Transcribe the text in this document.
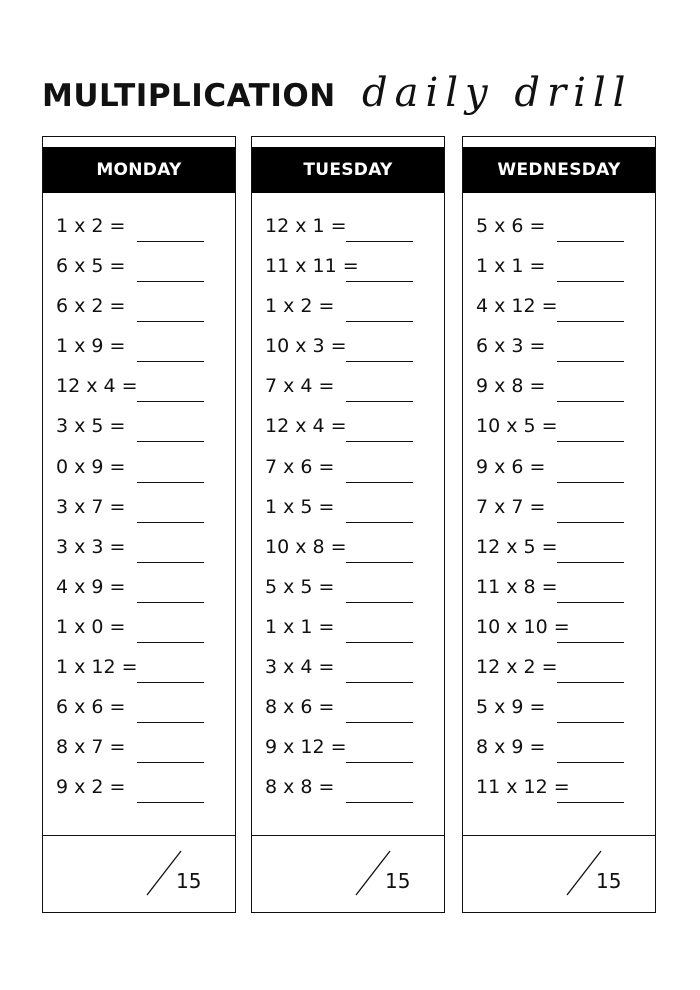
MULTIPLICATION daily drill
MONDAY
1 x 2 =
6 x 5 =
6 x 2 =
1 x 9 =
12 x 4 =
3 x 5 =
0 x 9 =
3 x 7 =
3 x 3 =
4 x 9 =
1 x 0 =
1 x 12 =
6 x 6 =
8 x 7 =
9 x 2 =
15
TUESDAY
12 x 1 =
11 x 11 =
1 x 2 =
10 x 3 =
7 x 4 =
12 x 4 =
7 x 6 =
1 x 5 =
10 x 8 =
5 x 5 =
1 x 1 =
3 x 4 =
8 x 6 =
9 x 12 =
8 x 8 =
15
WEDNESDAY
5 x 6 =
1 x 1 =
4 x 12 =
6 x 3 =
9 x 8 =
10 x 5 =
9 x 6 =
7 x 7 =
12 x 5 =
11 x 8 =
10 x 10 =
12 x 2 =
5 x 9 =
8 x 9 =
11 x 12 =
15
